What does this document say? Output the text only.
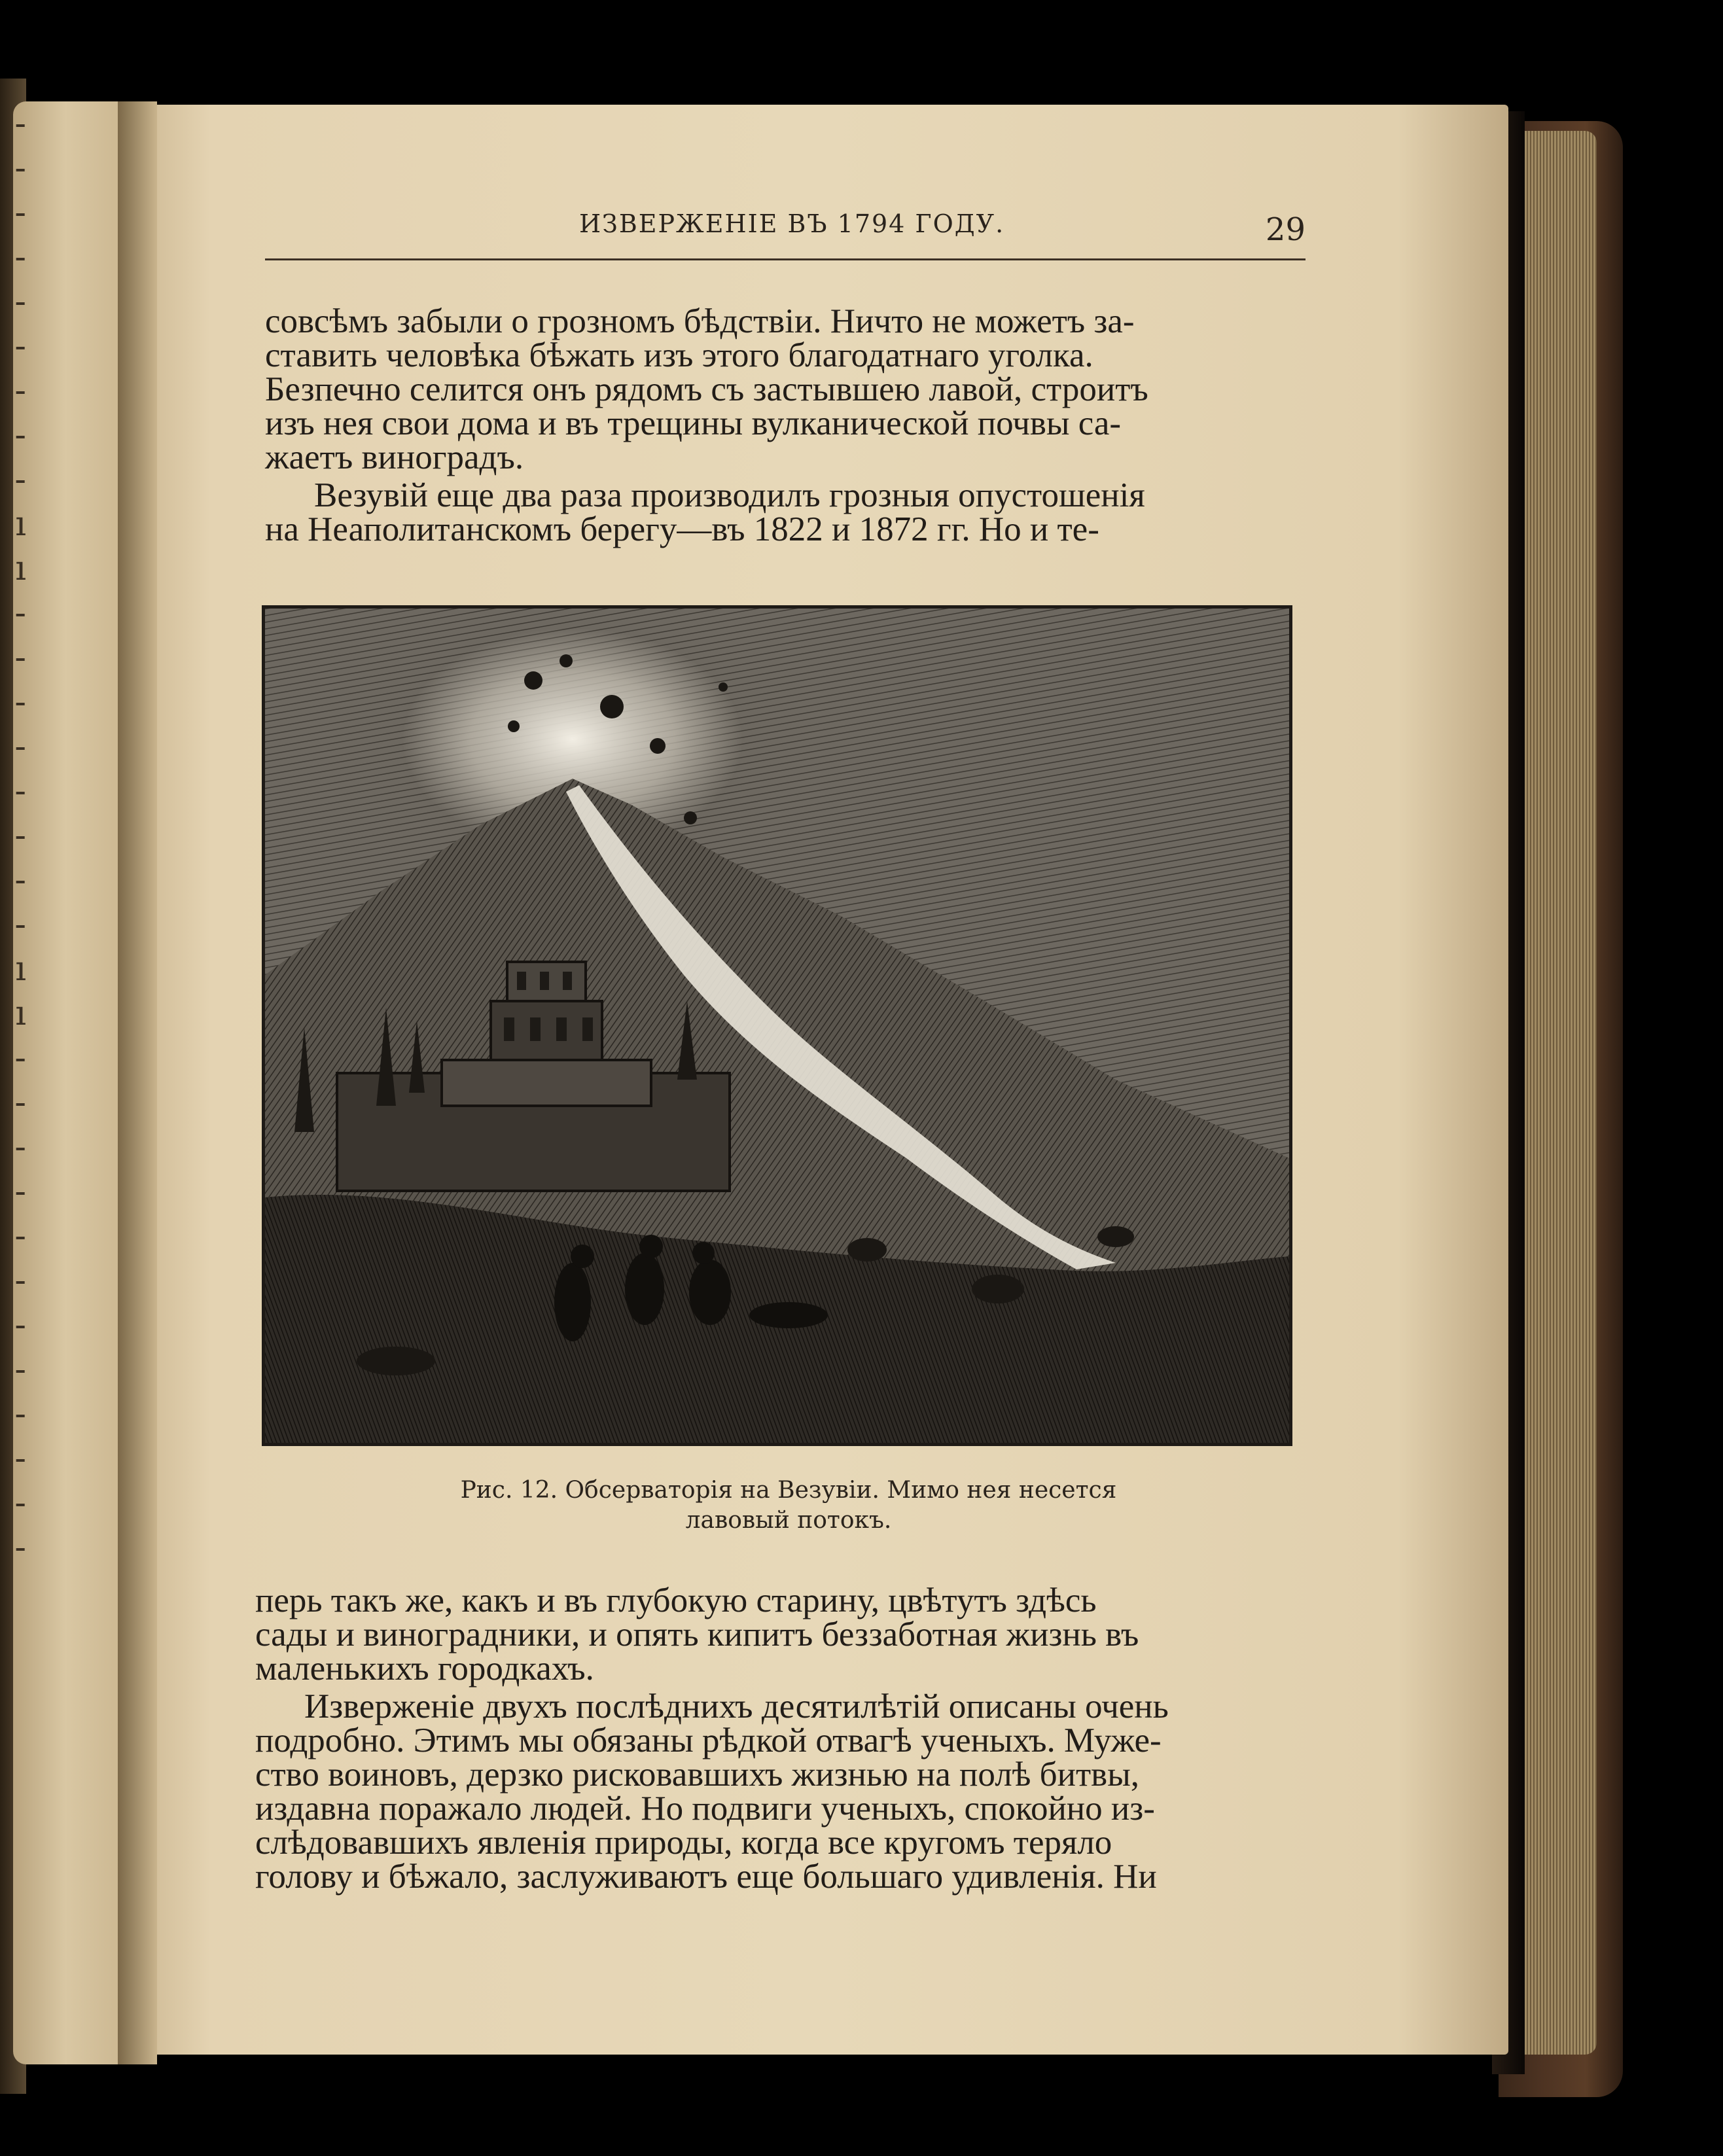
-
-
-
-
-
-
-
-
-
ı
ı
-
-
-
-
-
-
-
-
ı
ı
-
-
-
-
-
-
-
-
-
-
-
-
ИЗВЕРЖЕНІЕ ВЪ 1794 ГОДУ.	29
совсѣмъ забыли о грозномъ бѣдствіи. Ничто не можетъ за-
ставить человѣка бѣжать изъ этого благодатнаго уголка.
Безпечно селится онъ рядомъ съ застывшею лавой, строитъ
изъ нея свои дома и въ трещины вулканической почвы са-
жаетъ виноградъ.
Везувій еще два раза производилъ грозныя опустошенія
на Неаполитанскомъ берегу—въ 1822 и 1872 гг. Но и те-
Рис. 12. Обсерваторія на Везувіи. Мимо нея несется
лавовый потокъ.
перь такъ же, какъ и въ глубокую старину, цвѣтутъ здѣсь
сады и виноградники, и опять кипитъ беззаботная жизнь въ
маленькихъ городкахъ.
Изверженіе двухъ послѣднихъ десятилѣтій описаны очень
подробно. Этимъ мы обязаны рѣдкой отвагѣ ученыхъ. Муже-
ство воиновъ, дерзко рисковавшихъ жизнью на полѣ битвы,
издавна поражало людей. Но подвиги ученыхъ, спокойно из-
слѣдовавшихъ явленія природы, когда все кругомъ теряло
голову и бѣжало, заслуживаютъ еще большаго удивленія. Ни
